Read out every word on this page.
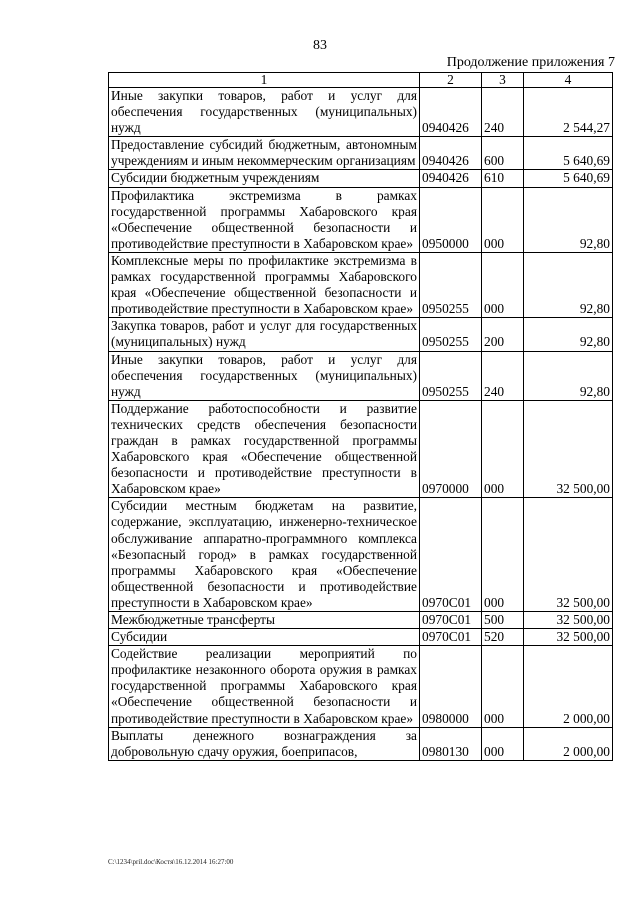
83
Продолжение приложения 7
1	2	3	4
Иные закупки товаров, работ и услуг для обеспечения государственных (муниципальных) нужд	0940426	240	2 544,27
Предоставление субсидий бюджетным, автономным учреждениям и иным некоммерческим организациям	0940426	600	5 640,69
Субсидии бюджетным учреждениям	0940426	610	5 640,69
Профилактика экстремизма в рамках государственной программы Хабаровского края «Обеспечение общественной безопасности и противодействие преступности в Хабаровском крае»	0950000	000	92,80
Комплексные меры по профилактике экстремизма в рамках государственной программы Хабаровского края «Обеспечение общественной безопасности и противодействие преступности в Хабаровском крае»	0950255	000	92,80
Закупка товаров, работ и услуг для государственных (муниципальных) нужд	0950255	200	92,80
Иные закупки товаров, работ и услуг для обеспечения государственных (муниципальных) нужд	0950255	240	92,80
Поддержание работоспособности и развитие технических средств обеспечения безопасности граждан в рамках государственной программы Хабаровского края «Обеспечение общественной безопасности и противодействие преступности в Хабаровском крае»	0970000	000	32 500,00
Субсидии местным бюджетам на развитие, содержание, эксплуатацию, инженерно-техническое обслуживание аппаратно-программного комплекса «Безопасный город» в рамках государственной программы Хабаровского края «Обеспечение общественной безопасности и противодействие преступности в Хабаровском крае»	0970С01	000	32 500,00
Межбюджетные трансферты	0970С01	500	32 500,00
Субсидии	0970С01	520	32 500,00
Содействие реализации мероприятий по профилактике незаконного оборота оружия в рамках государственной программы Хабаровского края «Обеспечение общественной безопасности и противодействие преступности в Хабаровском крае»	0980000	000	2 000,00
Выплаты денежного вознаграждения за добровольную сдачу оружия, боеприпасов,	0980130	000	2 000,00
C:\1234\pril.doc\Костя\16.12.2014 16:27:00
